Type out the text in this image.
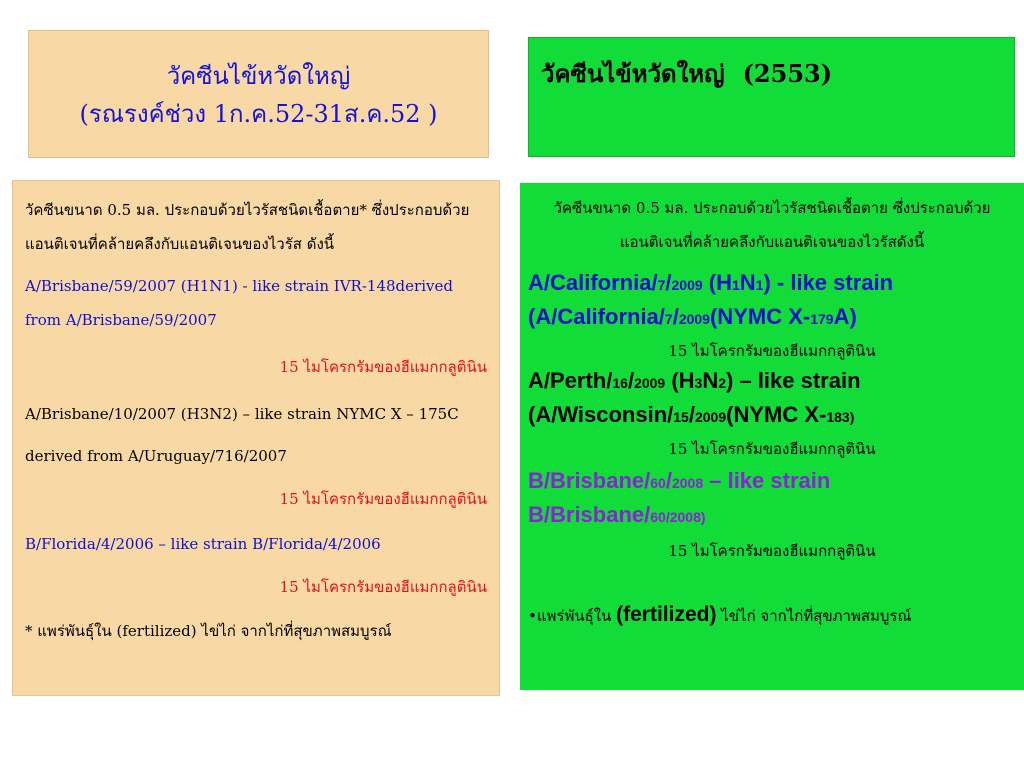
วัคซีนไข้หวัดใหญ่
(รณรงค์ช่วง 1ก.ค.52-31ส.ค.52 )
วัคซีนไข้หวัดใหญ่ (2553)

วัคซีนขนาด 0.5 มล. ประกอบด้วยไวรัสชนิดเชื้อตาย* ซึ่งประกอบด้วย แอนติเจนที่คล้ายคลึงกับแอนติเจนของไวรัส ดังนี้

A/Brisbane/59/2007 (H1N1) - like strain IVR-148derived from A/Brisbane/59/2007

15 ไมโครกรัมของฮีแมกกลูตินิน

A/Brisbane/10/2007 (H3N2) – like strain NYMC X – 175C

derived from A/Uruguay/716/2007

15 ไมโครกรัมของฮีแมกกลูตินิน

B/Florida/4/2006 – like strain B/Florida/4/2006

15 ไมโครกรัมของฮีแมกกลูตินิน

* แพร่พันธุ์ใน (fertilized) ไข่ไก่ จากไก่ที่สุขภาพสมบูรณ์

วัคซีนขนาด 0.5 มล. ประกอบด้วยไวรัสชนิดเชื้อตาย ซึ่งประกอบด้วยแอนติเจนที่คล้ายคลึงกับแอนติเจนของไวรัสดังนี้

A/California/7/2009 (H1N1) - like strain
(A/California/7/2009(NYMC X-179A)

15 ไมโครกรัมของฮีแมกกลูตินิน

A/Perth/16/2009 (H3N2) – like strain
(A/Wisconsin/15/2009(NYMC X-183)

15 ไมโครกรัมของฮีแมกกลูตินิน

B/Brisbane/60/2008 – like strain
B/Brisbane/60/2008)

15 ไมโครกรัมของฮีแมกกลูตินิน

•แพร่พันธุ์ใน (fertilized) ไข่ไก่ จากไก่ที่สุขภาพสมบูรณ์
